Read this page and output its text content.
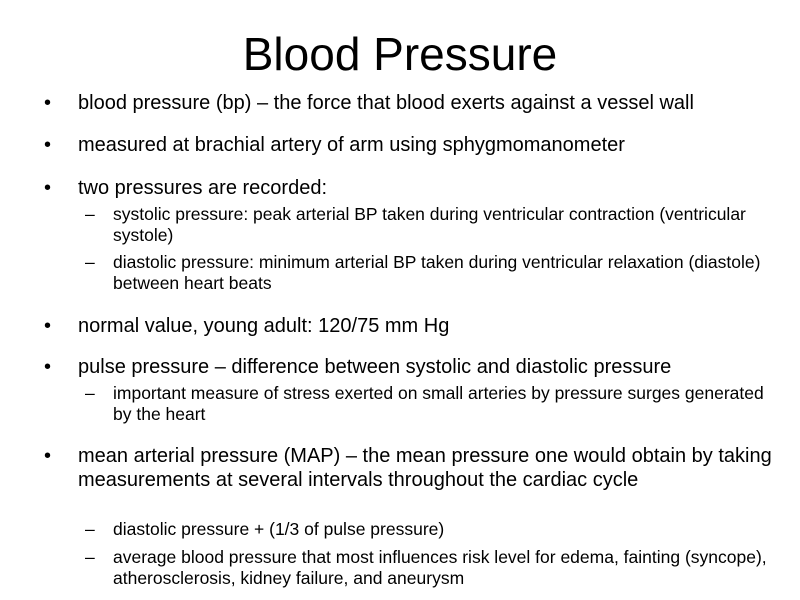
Blood Pressure
• blood pressure (bp) – the force that blood exerts against a vessel wall
• measured at brachial artery of arm using sphygmomanometer
• two pressures are recorded:
– systolic pressure: peak arterial BP taken during ventricular contraction (ventricular systole)
– diastolic pressure: minimum arterial BP taken during ventricular relaxation (diastole) between heart beats
• normal value, young adult: 120/75 mm Hg
• pulse pressure – difference between systolic and diastolic pressure
– important measure of stress exerted on small arteries by pressure surges generated by the heart
• mean arterial pressure (MAP) – the mean pressure one would obtain by taking measurements at several intervals throughout the cardiac cycle
– diastolic pressure + (1/3 of pulse pressure)
– average blood pressure that most influences risk level for edema, fainting (syncope), atherosclerosis, kidney failure, and aneurysm
